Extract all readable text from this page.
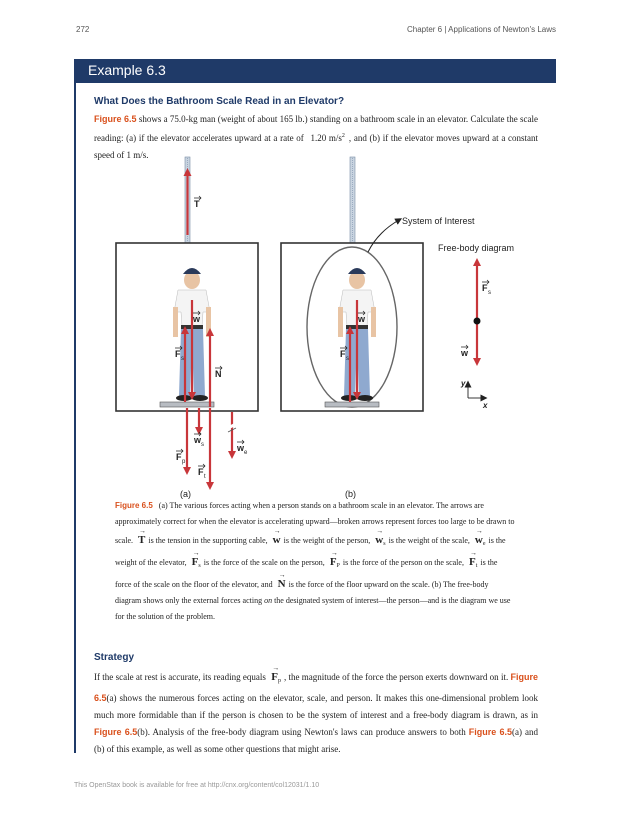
272	Chapter 6 | Applications of Newton's Laws
Example 6.3
What Does the Bathroom Scale Read in an Elevator?
Figure 6.5 shows a 75.0-kg man (weight of about 165 lb.) standing on a bathroom scale in an elevator. Calculate the scale reading: (a) if the elevator accelerates upward at a rate of 1.20 $m/s^2$ , and (b) if the elevator moves upward at a constant speed of 1 m/s.
System of Interest
Free-body diagram
(a)	(b)
T
w
F s
N
w s	w e
F p
F t
w
F s
F s
w
y
x
Figure 6.5 (a) The various forces acting when a person stands on a bathroom scale in an elevator. The arrows are approximately correct for when the elevator is accelerating upward—broken arrows represent forces too large to be drawn to scale. → T is the tension in the supporting cable, → w is the weight of the person, → $w_s$ is the weight of the scale, → $w_e$ is the weight of the elevator, → $F_s$ is the force of the scale on the person, → $F_P$ is the force of the person on the scale, → $F_t$ is the force of the scale on the floor of the elevator, and → N is the force of the floor upward on the scale. (b) The free-body diagram shows only the external forces acting on the designated system of interest—the person—and is the diagram we use for the solution of the problem.
Strategy
If the scale at rest is accurate, its reading equals → $F_p$ , the magnitude of the force the person exerts downward on it. Figure 6.5(a) shows the numerous forces acting on the elevator, scale, and person. It makes this one-dimensional problem look much more formidable than if the person is chosen to be the system of interest and a free-body diagram is drawn, as in Figure 6.5(b). Analysis of the free-body diagram using Newton's laws can produce answers to both Figure 6.5(a) and (b) of this example, as well as some other questions that might arise.
This OpenStax book is available for free at http://cnx.org/content/col12031/1.10
